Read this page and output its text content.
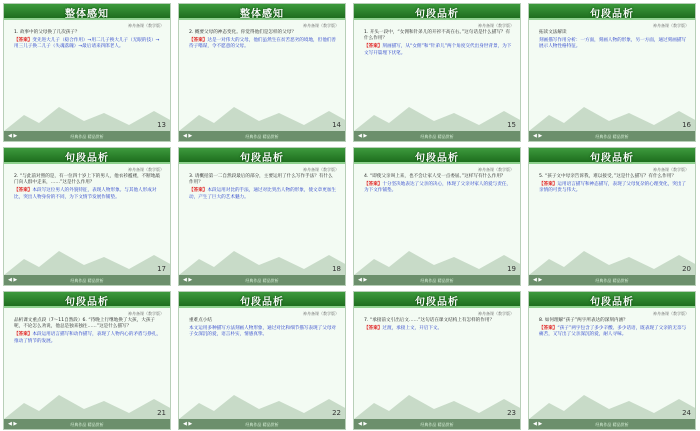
整体感知
神舟备课（教学版）
1. 故事中的父母换了几次孩子？
【答案】变先进大儿子（稳合作用）→用二儿子换大儿子（无眼的技）→用三儿子换二儿子（失魂落魄）→最后请来四郎老人。
◀ ▶	经典作品 精品赏析
13
整体感知
神舟备课（教学版）
2. 概要父母的神态变化。你觉得他们是怎样的父母？
【答案】达是一对伟大的父母，他们虽然生在贫苦恶劣的境地，但他们善待子嗜谋，令不愿意的父母。
◀ ▶	经典作品 精品赏析
14
句段品析
神舟备课（教学版）
1. 开头一段中，“女佣和针弟儿的开衫不高在右。”这句话是什么描写？有什么作用？
【答案】刻画描写，从“女佣”和“针弟儿”两个角度交代出身世背景，为下文写开篇埋下伏笔。
◀ ▶	经典作品 精品赏析
15
句段品析
神舟备课（教学版）
拓读文法解读
刻画描写作用分析：一方面，刻画人物的形象，另一方面，通过刻画描写展示人物性格特征。
◀ ▶	经典作品 精品赏析
16
句段品析
神舟备课（教学版）
2. “与此前对照的是，有一位四十岁上下的男人，他衣衫褴褛，不断地敲门向人群中走来，……”这是什么作用？
【答案】本段写这位男人的外貌特征，表现人物形象。与其他人形成对比，突出人物身份的不同，为下文情节发展作铺垫。
◀ ▶	经典作品 精品赏析
17
句段品析
神舟备课（教学版）
3. 请概括第一二自然段最后的部分，主要运用了什么写作手法？有什么作用？
【答案】本段运用对比的手法，通过对比突出人物的形象，使文章更加生动，产生了巨大的艺术魅力。
◀ ▶	经典作品 精品赏析
18
句段品析
神舟备课（教学版）
4. “即使父亲叫上来，也不会让家人受一点委屈。”这样写有什么作用？
【答案】十分坚决地表达了父亲的决心，体现了父亲对家人的爱与责任，为下文作铺垫。
◀ ▶	经典作品 精品赏析
19
句段品析
神舟备课（教学版）
5. “孩子文中母亲告诉我，难以接受，”这是什么描写？有什么作用？
【答案】运用语言描写和神态描写，表现了父母复杂的心理变化，突出了亲情的可贵与伟大。
◀ ▶	经典作品 精品赏析
20
句段品析
神舟备课（教学版）
品析课文重点段（7～11自然段）6. “待晚上行继地换了大孩，大孩子呢，不论怎么劝说，他总是独来独往……”这是什么描写？
【答案】本段运用语言描写和动作描写，表现了人物内心的矛盾与挣扎，推动了情节的发展。
◀ ▶	经典作品 精品赏析
21
句段品析
神舟备课（教学版）
重难点小结
本文运用多种描写方法刻画人物形象，通过对比和细节描写表现了父母对子女深沉的爱，语言朴实，情感真挚。
◀ ▶	经典作品 精品赏析
22
句段品析
神舟备课（教学版）
7. “承接前文引出后文……”这句话在课文结构上有怎样的作用？
【答案】过渡，承接上文，开启下文。
◀ ▶	经典作品 精品赏析
23
句段品析
神舟备课（教学版）
8. 如何理解“孩子”两字所表达的深刻内涵？
【答案】“孩子”两字包含了多少辛酸、多少话语，既表现了父亲的无奈与痛苦，又写出了父亲深沉的爱，耐人寻味。
◀ ▶	经典作品 精品赏析
24
